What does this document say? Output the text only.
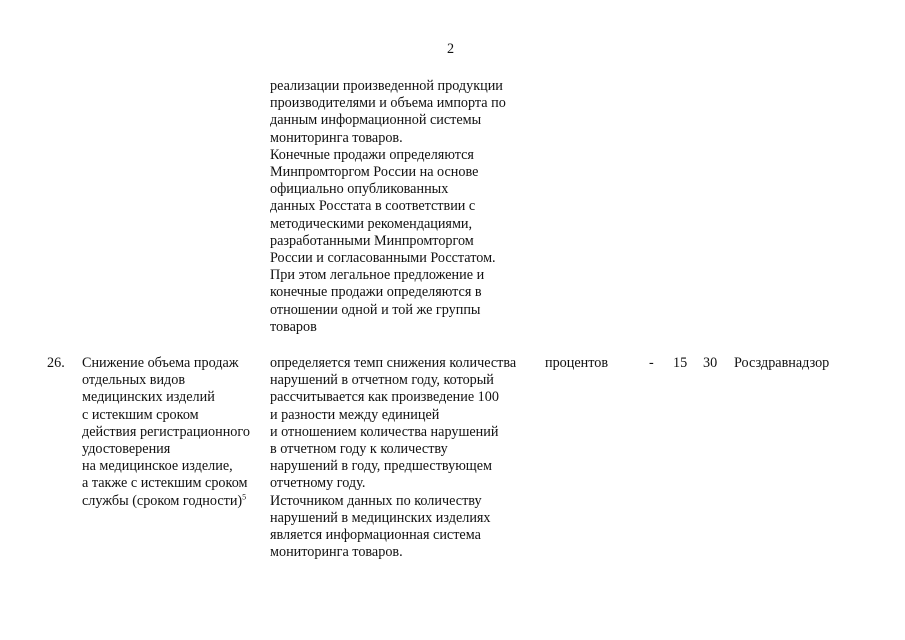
2
реализации произведенной продукции
производителями и объема импорта по
данным информационной системы
мониторинга товаров.
Конечные продажи определяются
Минпромторгом России на основе
официально опубликованных
данных Росстата в соответствии с
методическими рекомендациями,
разработанными Минпромторгом
России и согласованными Росстатом.
При этом легальное предложение и
конечные продажи определяются в
отношении одной и той же группы
товаров
26. Снижение объема продаж
отдельных видов
медицинских изделий
с истекшим сроком
действия регистрационного
удостоверения
на медицинское изделие,
а также с истекшим сроком
службы (сроком годности)$^5$
определяется темп снижения количества
нарушений в отчетном году, который
рассчитывается как произведение 100
и разности между единицей
и отношением количества нарушений
в отчетном году к количеству
нарушений в году, предшествующем
отчетному году.
Источником данных по количеству
нарушений в медицинских изделиях
является информационная система
мониторинга товаров.
процентов	- 15 30 Росздравнадзор
